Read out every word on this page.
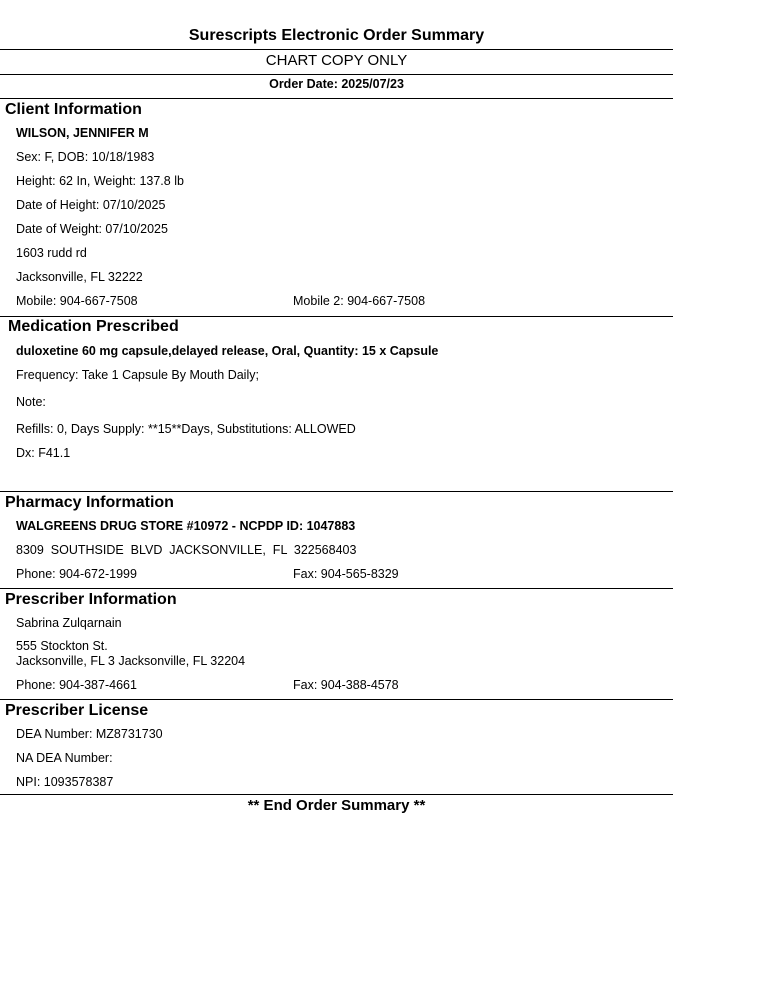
Surescripts Electronic Order Summary
CHART COPY ONLY
Order Date: 2025/07/23
Client Information
WILSON, JENNIFER M
Sex: F, DOB: 10/18/1983
Height: 62 In, Weight: 137.8 lb
Date of Height: 07/10/2025
Date of Weight: 07/10/2025
1603 rudd rd
Jacksonville, FL 32222
Mobile: 904-667-7508	Mobile 2: 904-667-7508
Medication Prescribed
duloxetine 60 mg capsule,delayed release, Oral, Quantity: 15 x Capsule
Frequency: Take 1 Capsule By Mouth Daily;
Note:
Refills: 0, Days Supply: **15**Days, Substitutions: ALLOWED
Dx: F41.1
Pharmacy Information
WALGREENS DRUG STORE #10972 - NCPDP ID: 1047883
8309  SOUTHSIDE  BLVD  JACKSONVILLE,  FL  322568403
Phone: 904-672-1999	Fax: 904-565-8329
Prescriber Information
Sabrina Zulqarnain
555 Stockton St.
Jacksonville, FL 3 Jacksonville, FL 32204
Phone: 904-387-4661	Fax: 904-388-4578
Prescriber License
DEA Number: MZ8731730
NA DEA Number:
NPI: 1093578387
** End Order Summary **
